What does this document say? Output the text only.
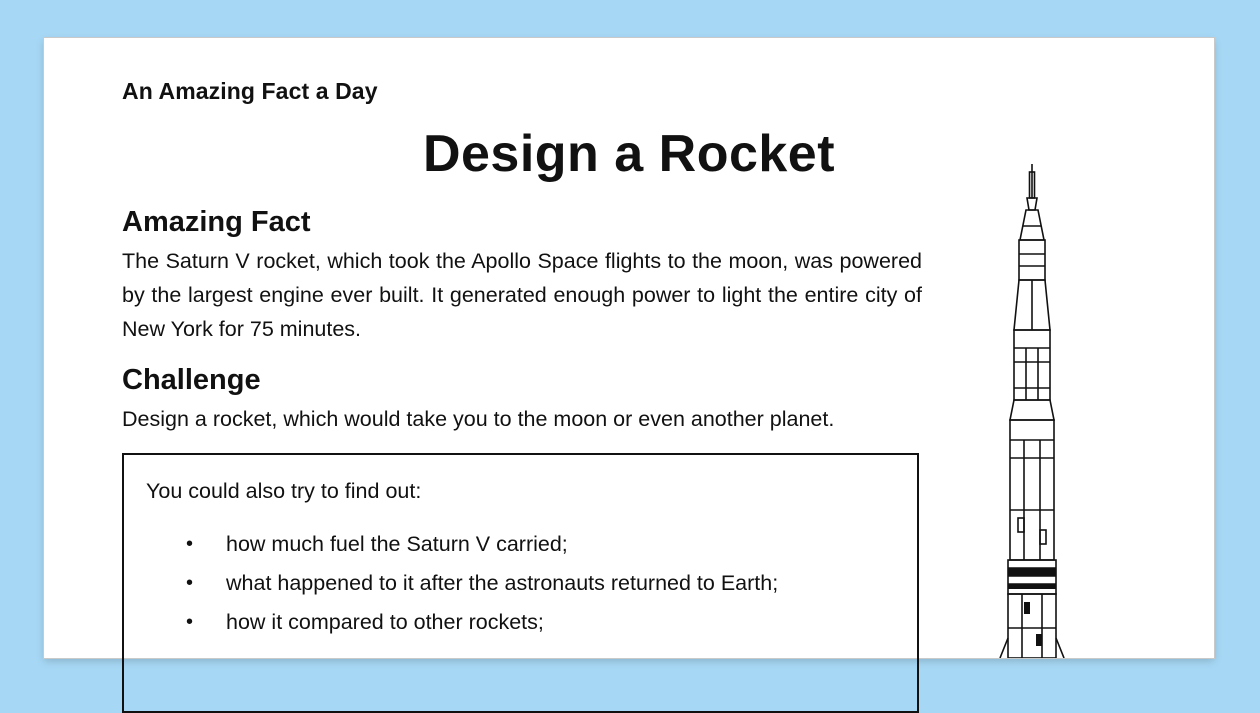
An Amazing Fact a Day
Design a Rocket
Amazing Fact
The Saturn V rocket, which took the Apollo Space flights to the moon, was powered by the largest engine ever built. It generated enough power to light the entire city of New York for 75 minutes.
Challenge
Design a rocket, which would take you to the moon or even another planet.
You could also try to find out:
• how much fuel the Saturn V carried;
• what happened to it after the astronauts returned to Earth;
• how it compared to other rockets;
